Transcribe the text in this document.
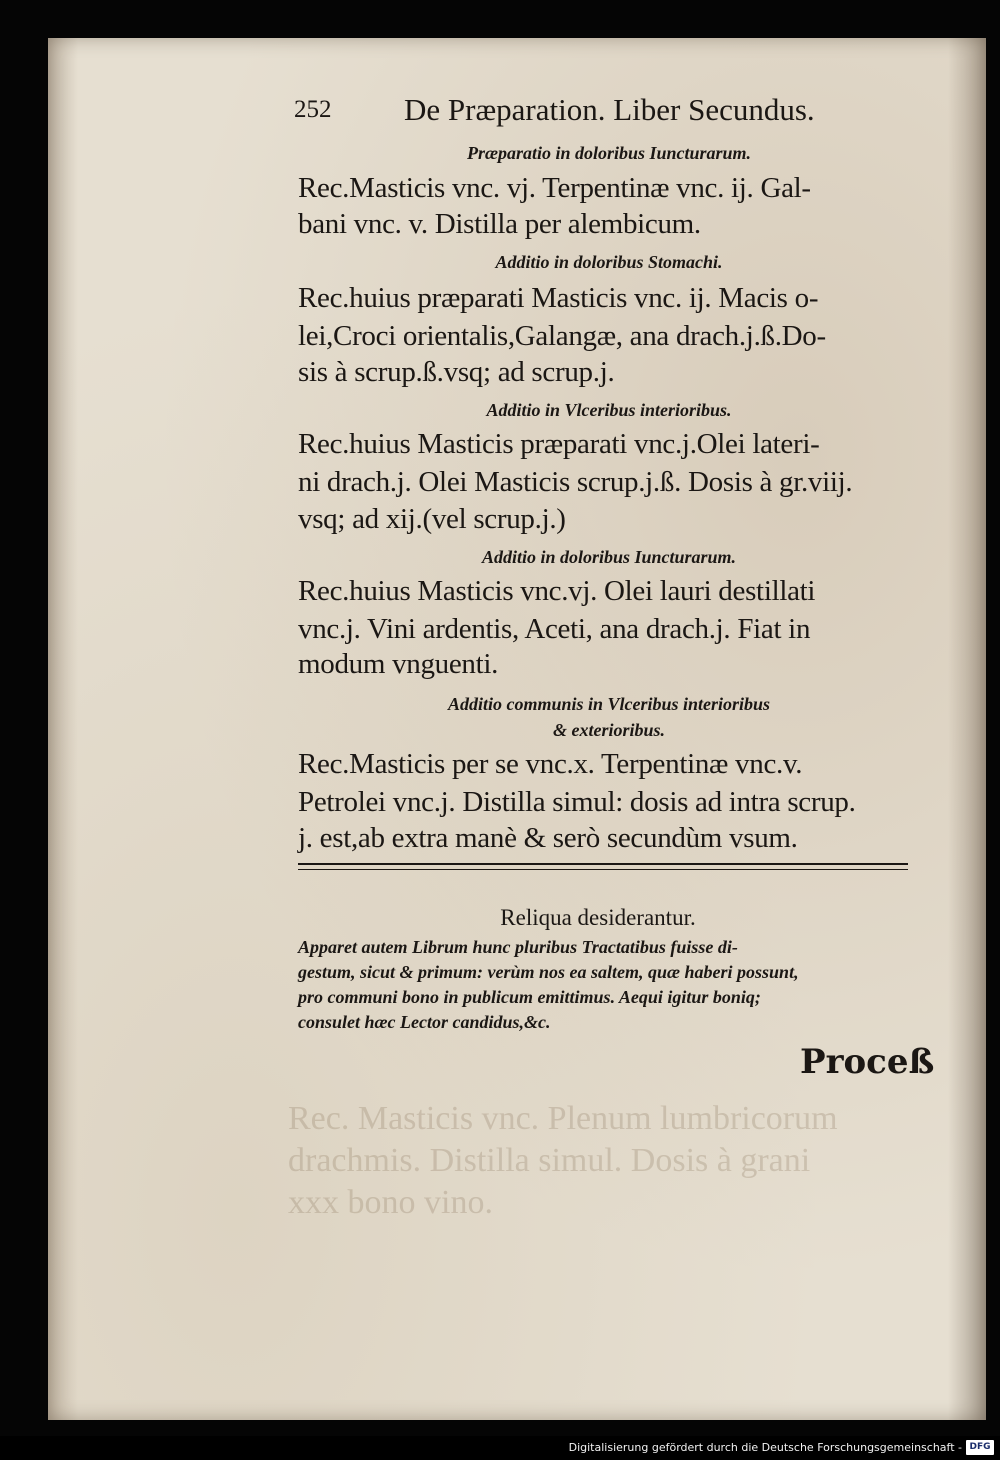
Rec. Masticis vnc. Plenum lumbricorum
drachmis. Distilla simul. Dosis à grani
xxx bono vino.
252 De Præparation. Liber Secundus.
Præparatio in doloribus Iuncturarum.
Rec.Masticis vnc. vj. Terpentinæ vnc. ij. Gal-
bani vnc. v. Distilla per alembicum.
Additio in doloribus Stomachi.
Rec.huius præparati Masticis vnc. ij. Macis o-
lei,Croci orientalis,Galangæ, ana drach.j.ß.Do-
sis à scrup.ß.vsq; ad scrup.j.
Additio in Vlceribus interioribus.
Rec.huius Masticis præparati vnc.j.Olei lateri-
ni drach.j. Olei Masticis scrup.j.ß. Dosis à gr.viij.
vsq; ad xij.(vel scrup.j.)
Additio in doloribus Iuncturarum.
Rec.huius Masticis vnc.vj. Olei lauri destillati
vnc.j. Vini ardentis, Aceti, ana drach.j. Fiat in
modum vnguenti.
Additio communis in Vlceribus interioribus
& exterioribus.
Rec.Masticis per se vnc.x. Terpentinæ vnc.v.
Petrolei vnc.j. Distilla simul: dosis ad intra scrup.
j. est,ab extra manè & serò secundùm vsum.
Reliqua desiderantur.
Apparet autem Librum hunc pluribus Tractatibus fuisse di-
gestum, sicut & primum: verùm nos ea saltem, quæ haberi possunt,
pro communi bono in publicum emittimus. Aequi igitur boniq;
consulet hæc Lector candidus,&c.
Proceß
Digitalisierung gefördert durch die Deutsche Forschungsgemeinschaft - DFG
